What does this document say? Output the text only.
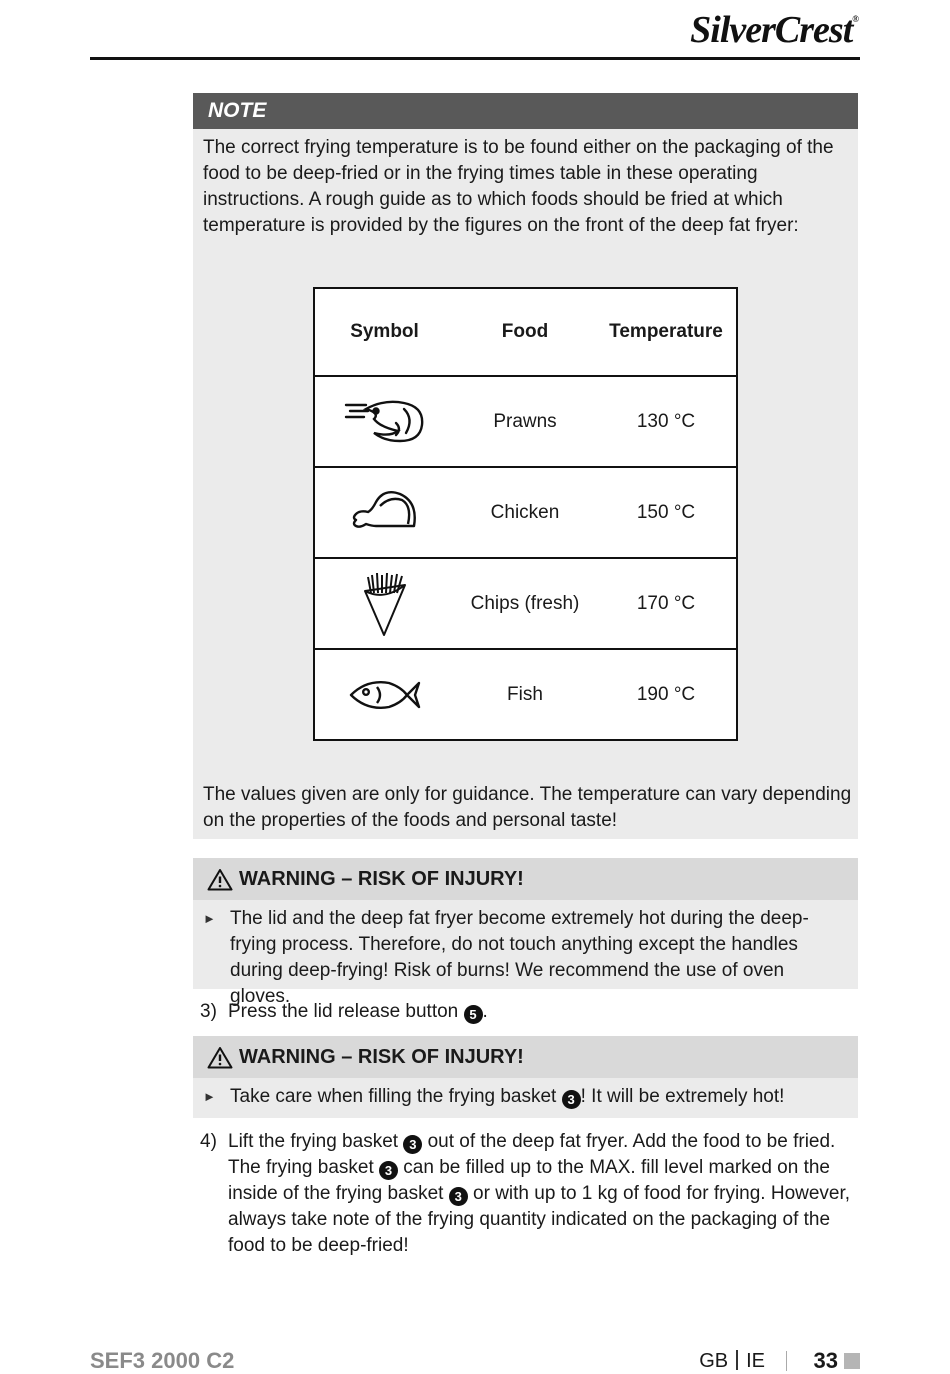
SilverCrest®
NOTE

The correct frying temperature is to be found either on the packaging of the food to be deep-fried or in the frying times table in these operating instructions. A rough guide as to which foods should be fried at which temperature is provided by the figures on the front of the deep fat fryer:

Symbol	Food	Temperature

	Prawns	130 °C

	Chicken	150 °C

	Chips (fresh)	170 °C

	Fish	190 °C

The values given are only for guidance. The temperature can vary depending on the properties of the foods and personal taste!

WARNING – RISK OF INJURY!
► The lid and the deep fat fryer become extremely hot during the deep-frying process. Therefore, do not touch anything except the handles during deep-frying! Risk of burns! We recommend the use of oven gloves.

3) Press the lid release button 5 .
WARNING – RISK OF INJURY!
► Take care when filling the frying basket 3 ! It will be extremely hot!

4) Lift the frying basket 3 out of the deep fat fryer. Add the food to be fried. The frying basket 3 can be filled up to the MAX. fill level marked on the inside of the frying basket 3 or with up to 1 kg of food for frying. However, always take note of the frying quantity indicated on the packaging of the food to be deep-fried!

SEF3 2000 C2	GB IE 33
